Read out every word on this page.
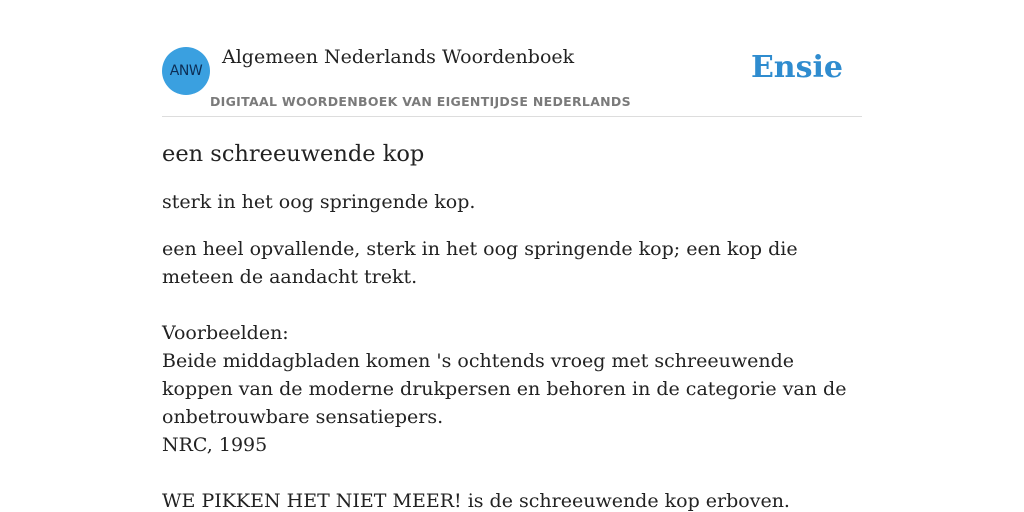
ANW
Algemeen Nederlands Woordenboek
DIGITAAL WOORDENBOEK VAN EIGENTIJDSE NEDERLANDS
Ensie
een schreeuwende kop

sterk in het oog springende kop.

een heel opvallende, sterk in het oog springende kop; een kop die meteen de aandacht trekt.
Voorbeelden:
Beide middagbladen komen 's ochtends vroeg met schreeuwende koppen van de moderne drukpersen en behoren in de categorie van de onbetrouwbare sensatiepers.
NRC, 1995
WE PIKKEN HET NIET MEER! is de schreeuwende kop erboven.
